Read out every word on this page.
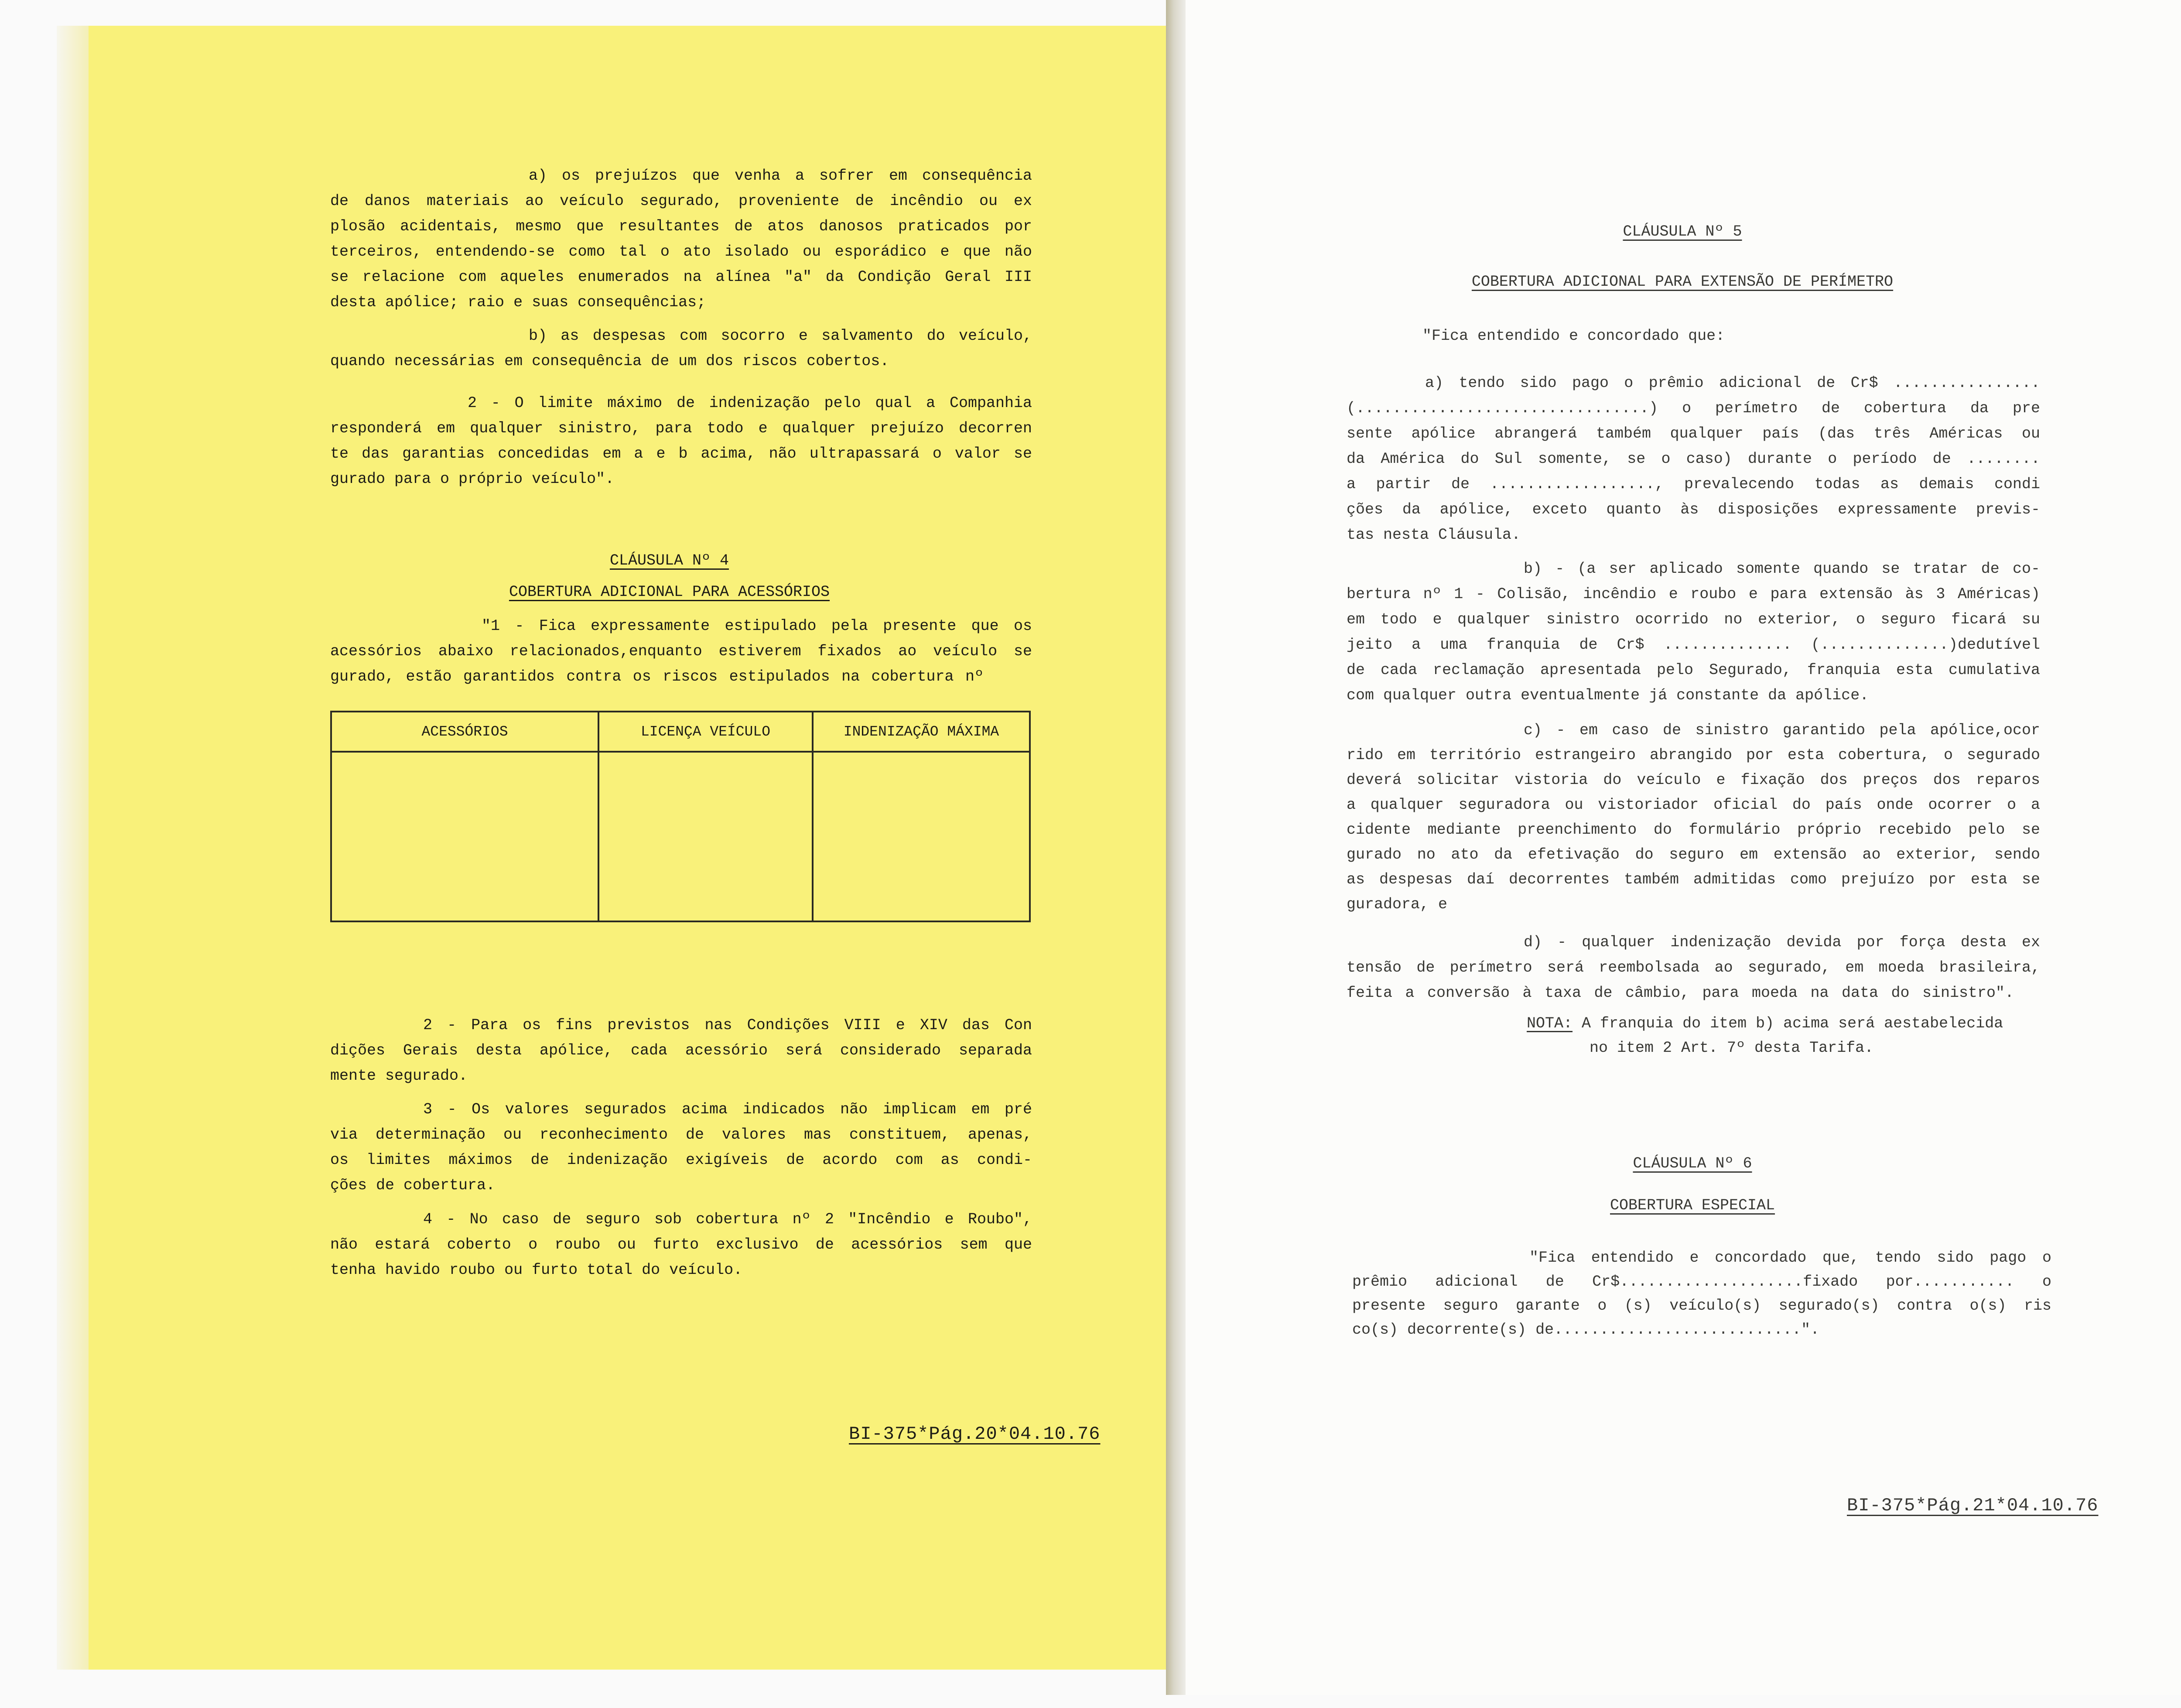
a) os prejuízos que venha a sofrer em consequência
de danos materiais ao veículo segurado, proveniente de incêndio ou ex
plosão acidentais, mesmo que resultantes de atos danosos praticados por
terceiros, entendendo-se como tal o ato isolado ou esporádico e que não
se relacione com aqueles enumerados na alínea "a" da Condição Geral III
desta apólice; raio e suas consequências;
b) as despesas com socorro e salvamento do veículo,
quando necessárias em consequência de um dos riscos cobertos.
2 - O limite máximo de indenização pelo qual a Companhia
responderá em qualquer sinistro, para todo e qualquer prejuízo decorren
te das garantias concedidas em a e b acima, não ultrapassará o valor se
gurado para o próprio veículo".
CLÁUSULA Nº 4
COBERTURA ADICIONAL PARA ACESSÓRIOS
"1 - Fica expressamente estipulado pela presente que os
acessórios abaixo relacionados,enquanto estiverem fixados ao veículo se
gurado, estão garantidos contra os riscos estipulados na cobertura nº
ACESSÓRIOS	LICENÇA VEÍCULO	INDENIZAÇÃO MÁXIMA

2 - Para os fins previstos nas Condições VIII e XIV das Con
dições Gerais desta apólice, cada acessório será considerado separada
mente segurado.
3 - Os valores segurados acima indicados não implicam em pré
via determinação ou reconhecimento de valores mas constituem, apenas,
os limites máximos de indenização exigíveis de acordo com as condi-
ções de cobertura.
4 - No caso de seguro sob cobertura nº 2 "Incêndio e Roubo",
não estará coberto o roubo ou furto exclusivo de acessórios sem que
tenha havido roubo ou furto total do veículo.
BI-375*Pág.20*04.10.76
CLÁUSULA Nº 5
COBERTURA ADICIONAL PARA EXTENSÃO DE PERÍMETRO
"Fica entendido e concordado que:
a) tendo sido pago o prêmio adicional de Cr$ ................
(................................) o perímetro de cobertura da pre
sente apólice abrangerá também qualquer país (das três Américas ou
da América do Sul somente, se o caso) durante o período de ........
a partir de .................., prevalecendo todas as demais condi
ções da apólice, exceto quanto às disposições expressamente previs-
tas nesta Cláusula.
b) - (a ser aplicado somente quando se tratar de co-
bertura nº 1 - Colisão, incêndio e roubo e para extensão às 3 Américas)
em todo e qualquer sinistro ocorrido no exterior, o seguro ficará su
jeito a uma franquia de Cr$ .............. (..............)dedutível
de cada reclamação apresentada pelo Segurado, franquia esta cumulativa
com qualquer outra eventualmente já constante da apólice.
c) - em caso de sinistro garantido pela apólice,ocor
rido em território estrangeiro abrangido por esta cobertura, o segurado
deverá solicitar vistoria do veículo e fixação dos preços dos reparos
a qualquer seguradora ou vistoriador oficial do país onde ocorrer o a
cidente mediante preenchimento do formulário próprio recebido pelo se
gurado no ato da efetivação do seguro em extensão ao exterior, sendo
as despesas daí decorrentes também admitidas como prejuízo por esta se
guradora, e
d) - qualquer indenização devida por força desta ex
tensão de perímetro será reembolsada ao segurado, em moeda brasileira,
feita a conversão à taxa de câmbio, para moeda na data do sinistro".
NOTA: A franquia do item b) acima será aestabelecida
no item 2 Art. 7º desta Tarifa.
CLÁUSULA Nº 6
COBERTURA ESPECIAL
"Fica entendido e concordado que, tendo sido pago o
prêmio adicional de Cr$....................fixado por........... o
presente seguro garante o (s) veículo(s) segurado(s) contra o(s) ris
co(s) decorrente(s) de...........................".
BI-375*Pág.21*04.10.76
